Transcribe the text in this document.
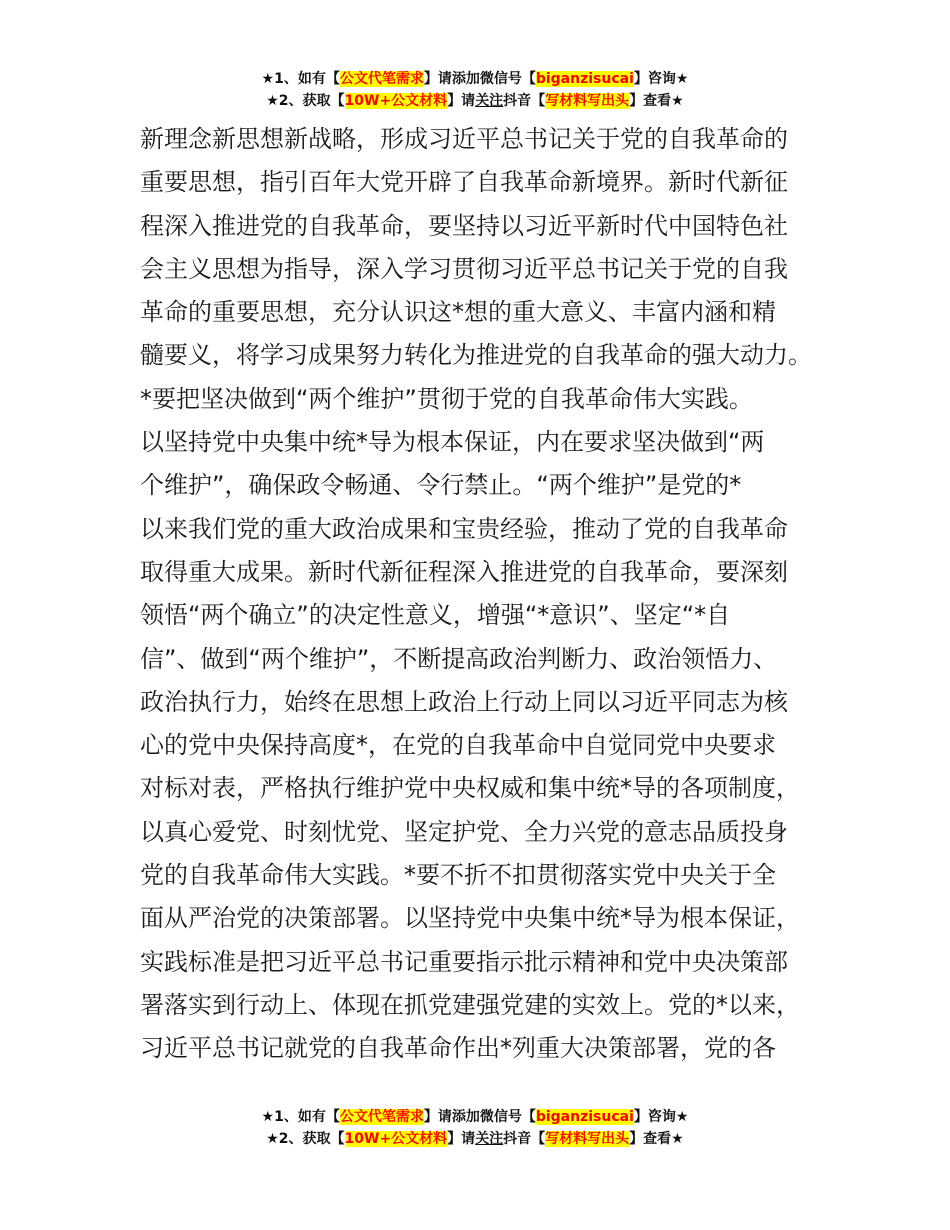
★1、如有【公文代笔需求】请添加微信号【biganzisucai】咨询★
★2、获取【10W+公文材料】请关注抖音【写材料写出头】查看★
新理念新思想新战略，形成习近平总书记关于党的自我革命的
重要思想，指引百年大党开辟了自我革命新境界。新时代新征
程深入推进党的自我革命，要坚持以习近平新时代中国特色社
会主义思想为指导，深入学习贯彻习近平总书记关于党的自我
革命的重要思想，充分认识这*想的重大意义、丰富内涵和精
髓要义，将学习成果努力转化为推进党的自我革命的强大动力。
*要把坚决做到“两个维护”贯彻于党的自我革命伟大实践。
以坚持党中央集中统*导为根本保证，内在要求坚决做到“两
个维护”，确保政令畅通、令行禁止。“两个维护”是党的*
以来我们党的重大政治成果和宝贵经验，推动了党的自我革命
取得重大成果。新时代新征程深入推进党的自我革命，要深刻
领悟“两个确立”的决定性意义，增强“*意识”、坚定“*自
信”、做到“两个维护”，不断提高政治判断力、政治领悟力、
政治执行力，始终在思想上政治上行动上同以习近平同志为核
心的党中央保持高度*，在党的自我革命中自觉同党中央要求
对标对表，严格执行维护党中央权威和集中统*导的各项制度，
以真心爱党、时刻忧党、坚定护党、全力兴党的意志品质投身
党的自我革命伟大实践。*要不折不扣贯彻落实党中央关于全
面从严治党的决策部署。以坚持党中央集中统*导为根本保证，
实践标准是把习近平总书记重要指示批示精神和党中央决策部
署落实到行动上、体现在抓党建强党建的实效上。党的*以来，
习近平总书记就党的自我革命作出*列重大决策部署，党的各
★1、如有【公文代笔需求】请添加微信号【biganzisucai】咨询★
★2、获取【10W+公文材料】请关注抖音【写材料写出头】查看★
